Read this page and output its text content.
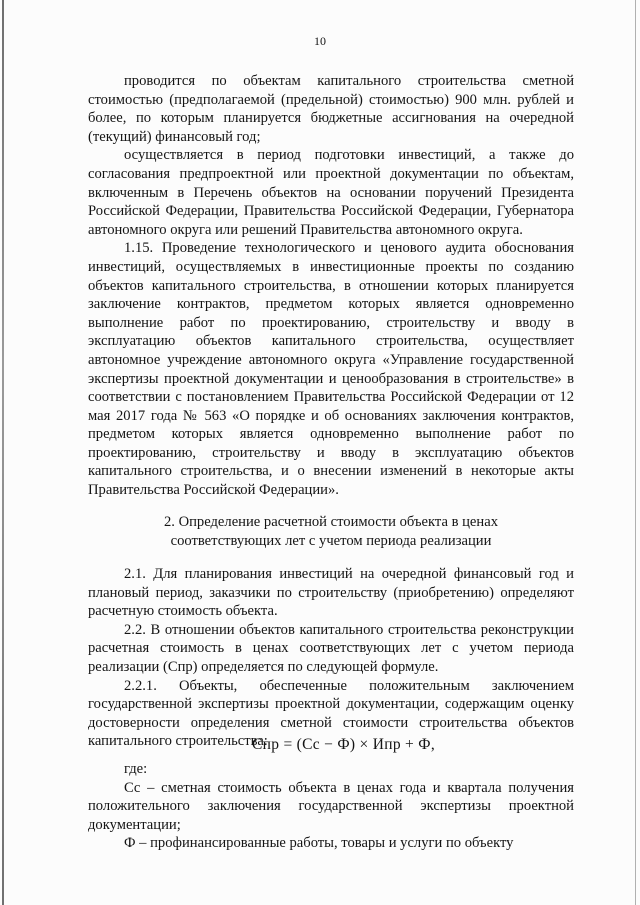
10

проводится по объектам капитального строительства сметной стоимостью (предполагаемой (предельной) стоимостью) 900 млн. рублей и более, по которым планируется бюджетные ассигнования на очередной (текущий) финансовый год;

осуществляется в период подготовки инвестиций, а также до согласования предпроектной или проектной документации по объектам, включенным в Перечень объектов на основании поручений Президента Российской Федерации, Правительства Российской Федерации, Губернатора автономного округа или решений Правительства автономного округа.

1.15. Проведение технологического и ценового аудита обоснования инвестиций, осуществляемых в инвестиционные проекты по созданию объектов капитального строительства, в отношении которых планируется заключение контрактов, предметом которых является одновременно выполнение работ по проектированию, строительству и вводу в эксплуатацию объектов капитального строительства, осуществляет автономное учреждение автономного округа «Управление государственной экспертизы проектной документации и ценообразования в строительстве» в соответствии с постановлением Правительства Российской Федерации от 12 мая 2017 года № 563 «О порядке и об основаниях заключения контрактов, предметом которых является одновременно выполнение работ по проектированию, строительству и вводу в эксплуатацию объектов капитального строительства, и о внесении изменений в некоторые акты Правительства Российской Федерации».

2. Определение расчетной стоимости объекта в ценах

соответствующих лет с учетом периода реализации

2.1. Для планирования инвестиций на очередной финансовый год и плановый период, заказчики по строительству (приобретению) определяют расчетную стоимость объекта.

2.2. В отношении объектов капитального строительства реконструкции расчетная стоимость в ценах соответствующих лет с учетом периода реализации (Спр) определяется по следующей формуле.

2.2.1. Объекты, обеспеченные положительным заключением государственной экспертизы проектной документации, содержащим оценку достоверности определения сметной стоимости строительства объектов капитального строительства:

Cпр = (Cс − Ф) × Ипр + Ф,

где:

Сс – сметная стоимость объекта в ценах года и квартала получения положительного заключения государственной экспертизы проектной документации;

Ф – профинансированные работы, товары и услуги по объекту
